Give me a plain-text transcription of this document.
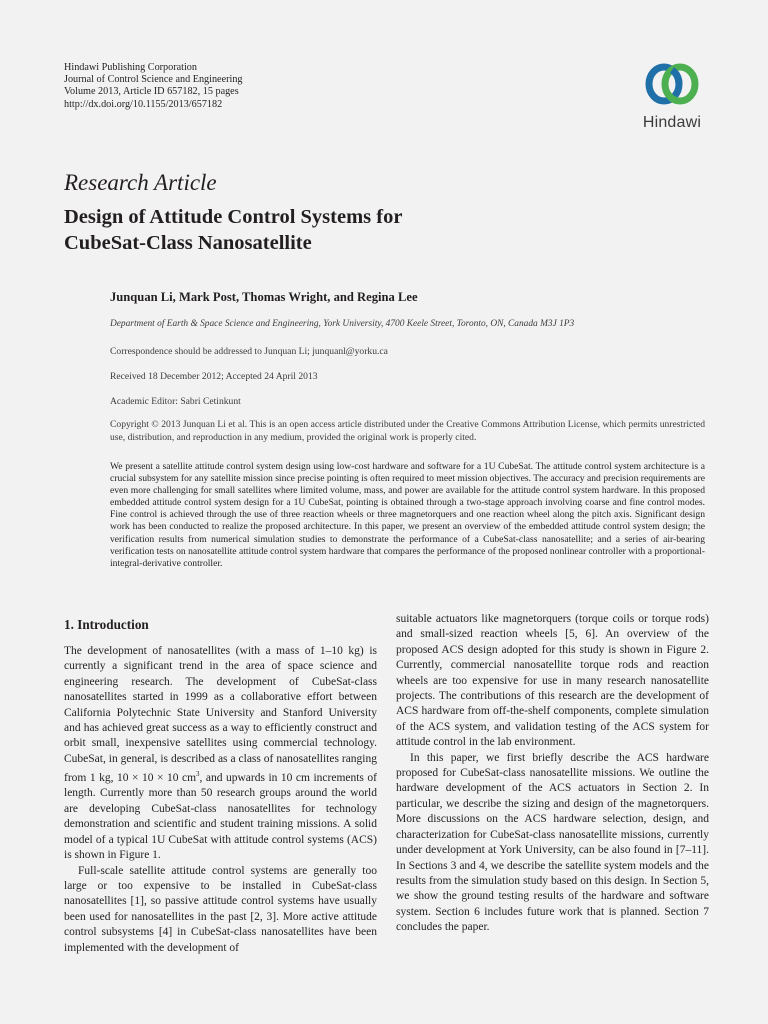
Hindawi Publishing Corporation
Journal of Control Science and Engineering
Volume 2013, Article ID 657182, 15 pages
http://dx.doi.org/10.1155/2013/657182
Hindawi
Research Article
Design of Attitude Control Systems for
CubeSat-Class Nanosatellite
Junquan Li, Mark Post, Thomas Wright, and Regina Lee
Department of Earth & Space Science and Engineering, York University, 4700 Keele Street, Toronto, ON, Canada M3J 1P3
Correspondence should be addressed to Junquan Li; junquanl@yorku.ca
Received 18 December 2012; Accepted 24 April 2013
Academic Editor: Sabri Cetinkunt
Copyright © 2013 Junquan Li et al. This is an open access article distributed under the Creative Commons Attribution License, which permits unrestricted use, distribution, and reproduction in any medium, provided the original work is properly cited.
We present a satellite attitude control system design using low-cost hardware and software for a 1U CubeSat. The attitude control system architecture is a crucial subsystem for any satellite mission since precise pointing is often required to meet mission objectives. The accuracy and precision requirements are even more challenging for small satellites where limited volume, mass, and power are available for the attitude control system hardware. In this proposed embedded attitude control system design for a 1U CubeSat, pointing is obtained through a two-stage approach involving coarse and fine control modes. Fine control is achieved through the use of three reaction wheels or three magnetorquers and one reaction wheel along the pitch axis. Significant design work has been conducted to realize the proposed architecture. In this paper, we present an overview of the embedded attitude control system design; the verification results from numerical simulation studies to demonstrate the performance of a CubeSat-class nanosatellite; and a series of air-bearing verification tests on nanosatellite attitude control system hardware that compares the performance of the proposed nonlinear controller with a proportional-integral-derivative controller.
1. Introduction

The development of nanosatellites (with a mass of 1–10 kg) is currently a significant trend in the area of space science and engineering research. The development of CubeSat-class nanosatellites started in 1999 as a collaborative effort between California Polytechnic State University and Stanford University and has achieved great success as a way to efficiently construct and orbit small, inexpensive satellites using commercial technology. CubeSat, in general, is described as a class of nanosatellites ranging from 1 kg, 10 × 10 × 10 $cm^3$, and upwards in 10 cm increments of length. Currently more than 50 research groups around the world are developing CubeSat-class nanosatellites for technology demonstration and scientific and student training missions. A solid model of a typical 1U CubeSat with attitude control systems (ACS) is shown in Figure 1.

Full-scale satellite attitude control systems are generally too large or too expensive to be installed in CubeSat-class nanosatellites [1], so passive attitude control systems have usually been used for nanosatellites in the past [2, 3]. More active attitude control subsystems [4] in CubeSat-class nanosatellites have been implemented with the development of

suitable actuators like magnetorquers (torque coils or torque rods) and small-sized reaction wheels [5, 6]. An overview of the proposed ACS design adopted for this study is shown in Figure 2. Currently, commercial nanosatellite torque rods and reaction wheels are too expensive for use in many research nanosatellite projects. The contributions of this research are the development of ACS hardware from off-the-shelf components, complete simulation of the ACS system, and validation testing of the ACS system for attitude control in the lab environment.

In this paper, we first briefly describe the ACS hardware proposed for CubeSat-class nanosatellite missions. We outline the hardware development of the ACS actuators in Section 2. In particular, we describe the sizing and design of the magnetorquers. More discussions on the ACS hardware selection, design, and characterization for CubeSat-class nanosatellite missions, currently under development at York University, can be also found in [7–11]. In Sections 3 and 4, we describe the satellite system models and the results from the simulation study based on this design. In Section 5, we show the ground testing results of the hardware and software system. Section 6 includes future work that is planned. Section 7 concludes the paper.
